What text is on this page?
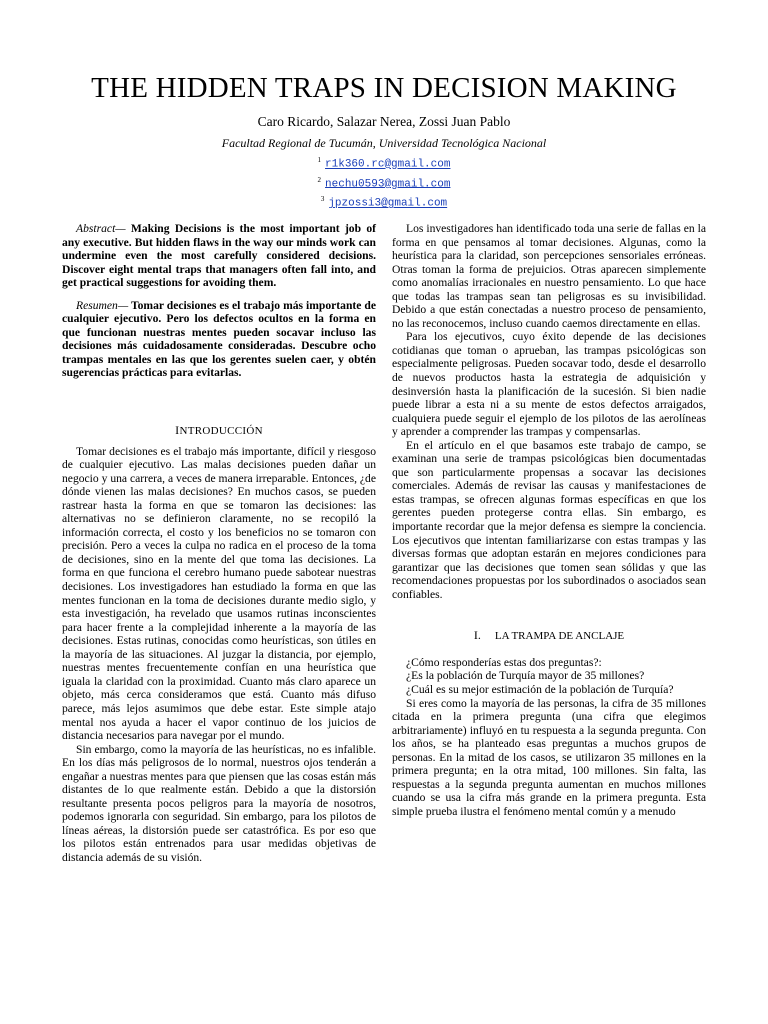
THE HIDDEN TRAPS IN DECISION MAKING
Caro Ricardo, Salazar Nerea, Zossi Juan Pablo
Facultad Regional de Tucumán, Universidad Tecnológica Nacional
$^1$ r1k360.rc@gmail.com
$^2$ nechu0593@gmail.com
$^3$ jpzossi3@gmail.com

Abstract— Making Decisions is the most important job of any executive. But hidden flaws in the way our minds work can undermine even the most carefully considered decisions. Discover eight mental traps that managers often fall into, and get practical suggestions for avoiding them.

Resumen— Tomar decisiones es el trabajo más importante de cualquier ejecutivo. Pero los defectos ocultos en la forma en que funcionan nuestras mentes pueden socavar incluso las decisiones más cuidadosamente consideradas. Descubre ocho trampas mentales en las que los gerentes suelen caer, y obtén sugerencias prácticas para evitarlas.

INTRODUCCIÓN

Tomar decisiones es el trabajo más importante, difícil y riesgoso de cualquier ejecutivo. Las malas decisiones pueden dañar un negocio y una carrera, a veces de manera irreparable. Entonces, ¿de dónde vienen las malas decisiones? En muchos casos, se pueden rastrear hasta la forma en que se tomaron las decisiones: las alternativas no se definieron claramente, no se recopiló la información correcta, el costo y los beneficios no se tomaron con precisión. Pero a veces la culpa no radica en el proceso de la toma de decisiones, sino en la mente del que toma las decisiones. La forma en que funciona el cerebro humano puede sabotear nuestras decisiones. Los investigadores han estudiado la forma en que las mentes funcionan en la toma de decisiones durante medio siglo, y esta investigación, ha revelado que usamos rutinas inconscientes para hacer frente a la complejidad inherente a la mayoría de las decisiones. Estas rutinas, conocidas como heurísticas, son útiles en la mayoría de las situaciones. Al juzgar la distancia, por ejemplo, nuestras mentes frecuentemente confían en una heurística que iguala la claridad con la proximidad. Cuanto más claro aparece un objeto, más cerca consideramos que está. Cuanto más difuso parece, más lejos asumimos que debe estar. Este simple atajo mental nos ayuda a hacer el vapor continuo de los juicios de distancia necesarios para navegar por el mundo.

Sin embargo, como la mayoría de las heurísticas, no es infalible. En los días más peligrosos de lo normal, nuestros ojos tenderán a engañar a nuestras mentes para que piensen que las cosas están más distantes de lo que realmente están. Debido a que la distorsión resultante presenta pocos peligros para la mayoría de nosotros, podemos ignorarla con seguridad. Sin embargo, para los pilotos de líneas aéreas, la distorsión puede ser catastrófica. Es por eso que los pilotos están entrenados para usar medidas objetivas de distancia además de su visión.

Los investigadores han identificado toda una serie de fallas en la forma en que pensamos al tomar decisiones. Algunas, como la heurística para la claridad, son percepciones sensoriales erróneas. Otras toman la forma de prejuicios. Otras aparecen simplemente como anomalías irracionales en nuestro pensamiento. Lo que hace que todas las trampas sean tan peligrosas es su invisibilidad. Debido a que están conectadas a nuestro proceso de pensamiento, no las reconocemos, incluso cuando caemos directamente en ellas.

Para los ejecutivos, cuyo éxito depende de las decisiones cotidianas que toman o aprueban, las trampas psicológicas son especialmente peligrosas. Pueden socavar todo, desde el desarrollo de nuevos productos hasta la estrategia de adquisición y desinversión hasta la planificación de la sucesión. Si bien nadie puede librar a esta ni a su mente de estos defectos arraigados, cualquiera puede seguir el ejemplo de los pilotos de las aerolíneas y aprender a comprender las trampas y compensarlas.

En el artículo en el que basamos este trabajo de campo, se examinan una serie de trampas psicológicas bien documentadas que son particularmente propensas a socavar las decisiones comerciales. Además de revisar las causas y manifestaciones de estas trampas, se ofrecen algunas formas específicas en que los gerentes pueden protegerse contra ellas. Sin embargo, es importante recordar que la mejor defensa es siempre la conciencia. Los ejecutivos que intentan familiarizarse con estas trampas y las diversas formas que adoptan estarán en mejores condiciones para garantizar que las decisiones que tomen sean sólidas y que las recomendaciones propuestas por los subordinados o asociados sean confiables.

I. LA TRAMPA DE ANCLAJE

¿Cómo responderías estas dos preguntas?:

¿Es la población de Turquía mayor de 35 millones?

¿Cuál es su mejor estimación de la población de Turquía?

Si eres como la mayoría de las personas, la cifra de 35 millones citada en la primera pregunta (una cifra que elegimos arbitrariamente) influyó en tu respuesta a la segunda pregunta. Con los años, se ha planteado esas preguntas a muchos grupos de personas. En la mitad de los casos, se utilizaron 35 millones en la primera pregunta; en la otra mitad, 100 millones. Sin falta, las respuestas a la segunda pregunta aumentan en muchos millones cuando se usa la cifra más grande en la primera pregunta. Esta simple prueba ilustra el fenómeno mental común y a menudo
